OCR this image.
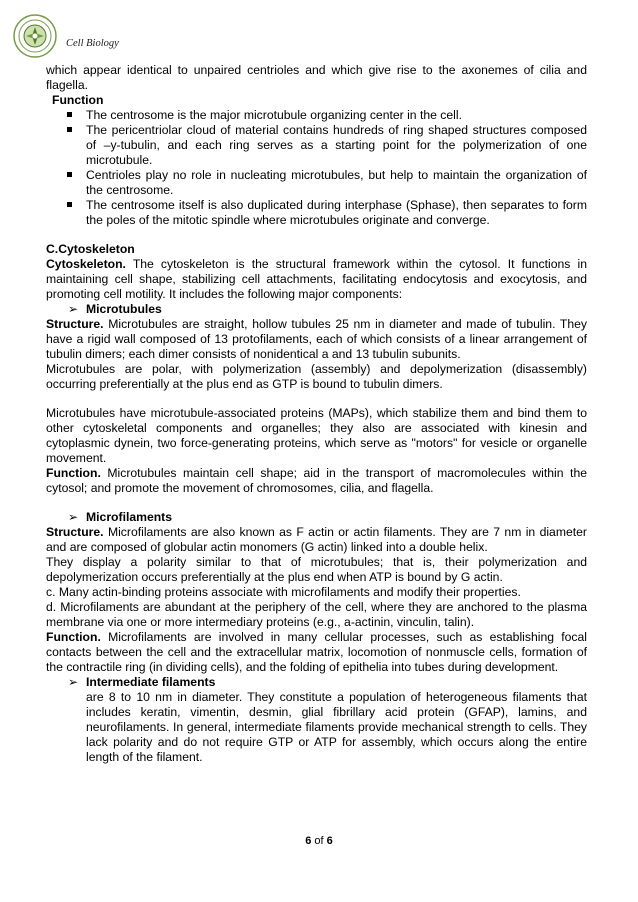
Cell Biology

which appear identical to unpaired centrioles and which give rise to the axonemes of cilia and flagella.

Function

The centrosome is the major microtubule organizing center in the cell.
The pericentriolar cloud of material contains hundreds of ring shaped structures composed of –y-tubulin, and each ring serves as a starting point for the polymerization of one microtubule.
Centrioles play no role in nucleating microtubules, but help to maintain the organization of the centrosome.
The centrosome itself is also duplicated during interphase (Sphase), then separates to form the poles of the mitotic spindle where microtubules originate and converge.

C.Cytoskeleton

Cytoskeleton. The cytoskeleton is the structural framework within the cytosol. It functions in maintaining cell shape, stabilizing cell attachments, facilitating endocytosis and exocytosis, and promoting cell motility. It includes the following major components:

➢ Microtubules

Structure. Microtubules are straight, hollow tubules 25 nm in diameter and made of tubulin. They have a rigid wall composed of 13 protofilaments, each of which consists of a linear arrangement of tubulin dimers; each dimer consists of nonidentical a and 13 tubulin subunits.

Microtubules are polar, with polymerization (assembly) and depolymerization (disassembly) occurring preferentially at the plus end as GTP is bound to tubulin dimers.

Microtubules have microtubule-associated proteins (MAPs), which stabilize them and bind them to other cytoskeletal components and organelles; they also are associated with kinesin and cytoplasmic dynein, two force-generating proteins, which serve as "motors" for vesicle or organelle movement.

Function. Microtubules maintain cell shape; aid in the transport of macromolecules within the cytosol; and promote the movement of chromosomes, cilia, and flagella.

➢ Microfilaments

Structure. Microfilaments are also known as F actin or actin filaments. They are 7 nm in diameter and are composed of globular actin monomers (G actin) linked into a double helix.

They display a polarity similar to that of microtubules; that is, their polymerization and depolymerization occurs preferentially at the plus end when ATP is bound by G actin.

c. Many actin-binding proteins associate with microfilaments and modify their properties.

d. Microfilaments are abundant at the periphery of the cell, where they are anchored to the plasma membrane via one or more intermediary proteins (e.g., a-actinin, vinculin, talin).

Function. Microfilaments are involved in many cellular processes, such as establishing focal contacts between the cell and the extracellular matrix, locomotion of nonmuscle cells, formation of the contractile ring (in dividing cells), and the folding of epithelia into tubes during development.

➢ Intermediate filaments

are 8 to 10 nm in diameter. They constitute a population of heterogeneous filaments that includes keratin, vimentin, desmin, glial fibrillary acid protein (GFAP), lamins, and neurofilaments. In general, intermediate filaments provide mechanical strength to cells. They lack polarity and do not require GTP or ATP for assembly, which occurs along the entire length of the filament.

6 of 6
